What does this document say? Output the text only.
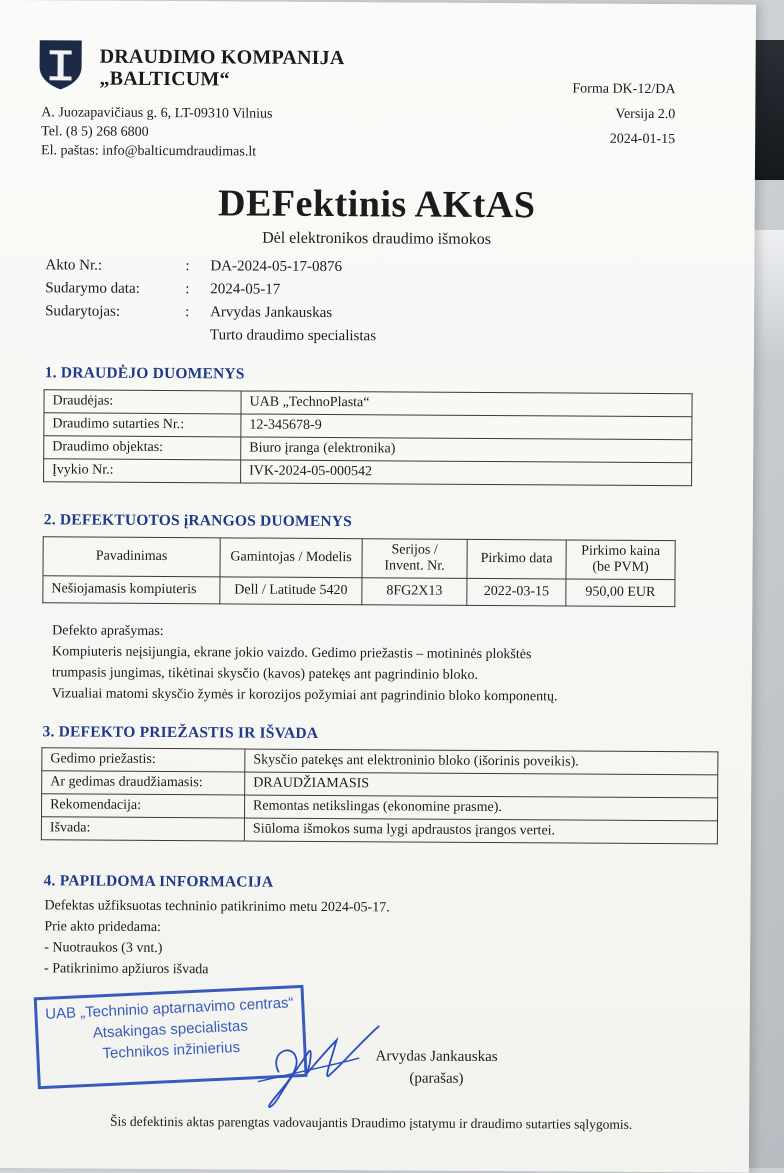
DRAUDIMO KOMPANIJA
„BALTICUM“
A. Juozapavičiaus g. 6, LT-09310 Vilnius
Tel. (8 5) 268 6800
El. paštas: info@balticumdraudimas.lt
Forma DK-12/DA
Versija 2.0
2024-01-15
DEFektinis AKtAS
Dėl elektronikos draudimo išmokos
Akto Nr.:	:	DA-2024-05-17-0876
Sudarymo data:	:	2024-05-17
Sudarytojas:	:	Arvydas Jankauskas
Turto draudimo specialistas
1. DRAUDĖJO DUOMENYS
Draudėjas:	UAB „TechnoPlasta“
Draudimo sutarties Nr.:	12-345678-9
Draudimo objektas:	Biuro įranga (elektronika)
Įvykio Nr.:	IVK-2024-05-000542
2. DEFEKTUOTOS įRANGOS DUOMENYS
Pavadinimas	Gamintojas / Modelis	Serijos / Invent. Nr.	Pirkimo data	Pirkimo kaina (be PVM)
Nešiojamasis kompiuteris	Dell / Latitude 5420	8FG2X13	2022-03-15	950,00 EUR
Defekto aprašymas:
Kompiuteris neįsijungia, ekrane jokio vaizdo. Gedimo priežastis – motininės plokštės
trumpasis jungimas, tikėtinai skysčio (kavos) patekęs ant pagrindinio bloko.
Vizualiai matomi skysčio žymės ir korozijos požymiai ant pagrindinio bloko komponentų.
3. DEFEKTO PRIEŽASTIS IR IŠVADA
Gedimo priežastis:	Skysčio patekęs ant elektroninio bloko (išorinis poveikis).
Ar gedimas draudžiamasis:	DRAUDŽIAMASIS
Rekomendacija:	Remontas netikslingas (ekonomine prasme).
Išvada:	Siūloma išmokos suma lygi apdraustos įrangos vertei.
4. PAPILDOMA INFORMACIJA
Defektas užfiksuotas techninio patikrinimo metu 2024-05-17.
Prie akto pridedama:
- Nuotraukos (3 vnt.)
- Patikrinimo apžiuros išvada
UAB „Techninio aptarnavimo centras“
Atsakingas specialistas
Technikos inžinierius	Arvydas Jankauskas
(parašas)
Šis defektinis aktas parengtas vadovaujantis Draudimo įstatymu ir draudimo sutarties sąlygomis.
